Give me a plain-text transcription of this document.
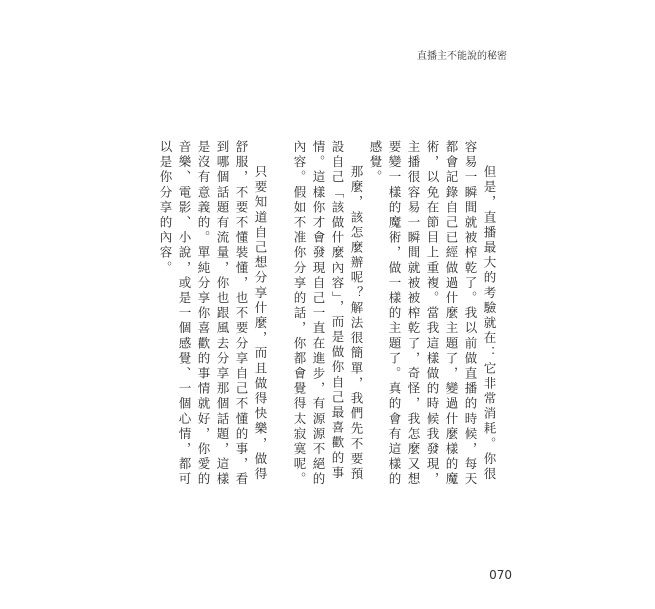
直播主不能說的秘密

但是，直播最大的考驗就在：它非常消耗。你很容易一瞬間就被榨乾了。我以前做直播的時候，每天都會記錄自己已經做過什麼主題了，變過什麼樣的魔術，以免在節目上重複。當我這樣做的時候我發現，主播很容易一瞬間就被被榨乾了，奇怪，我怎麼又想要變一樣的魔術，做一樣的主題了。真的會有這樣的感覺。

那麼，該怎麼辦呢？解法很簡單，我們先不要預設自己「該做什麼內容」，而是做你自己最喜歡的事情。這樣你才會發現自己一直在進步，有源源不絕的內容。假如不准你分享的話，你都會覺得太寂寞呢。

只要知道自己想分享什麼，而且做得快樂，做得舒服，不要不懂裝懂，也不要分享自己不懂的事，看到哪個話題有流量，你也跟風去分享那個話題，這樣是沒有意義的。單純分享你喜歡的事情就好，你愛的音樂、電影、小說，或是一個感覺、一個心情，都可以是你分享的內容。

070
